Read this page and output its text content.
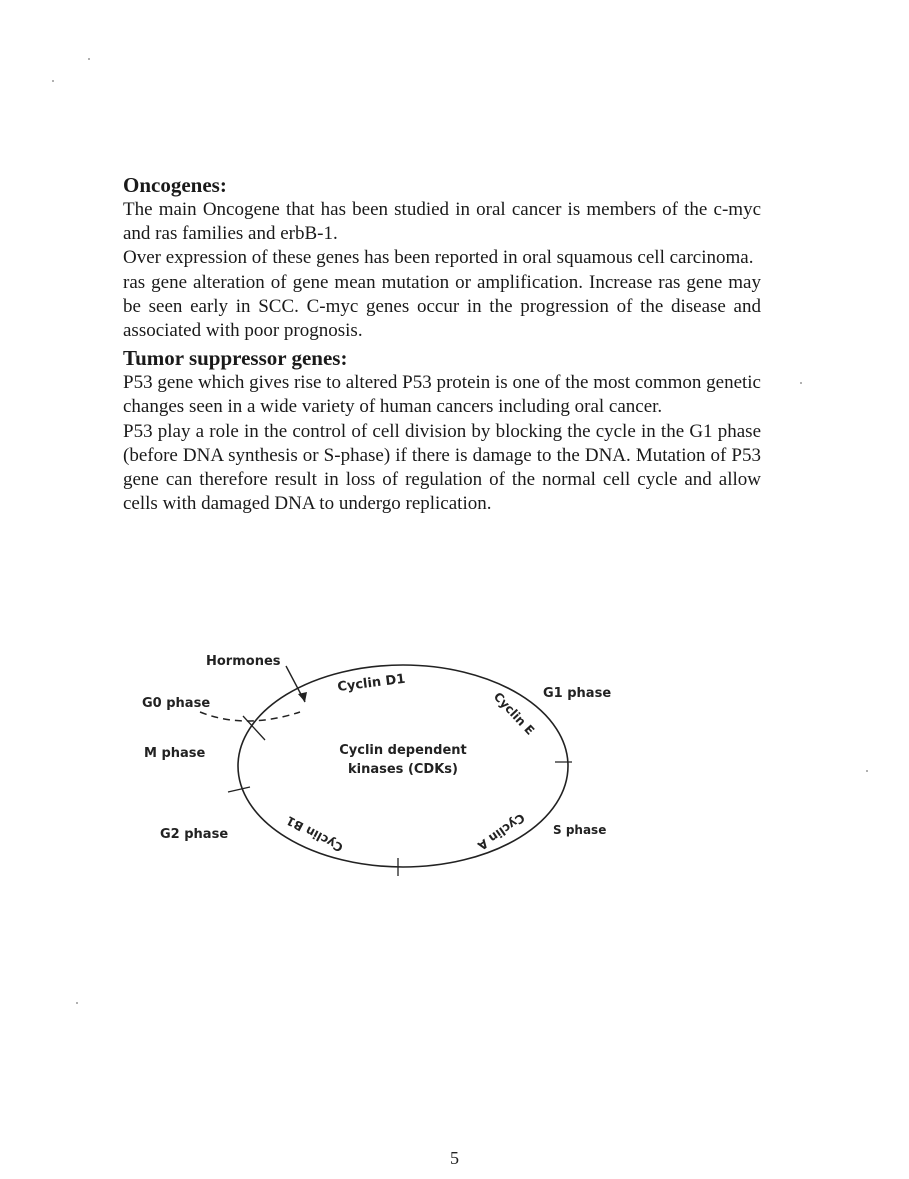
Oncogenes:

The main Oncogene that has been studied in oral cancer is members of the c-myc and ras families and erbB-1.

Over expression of these genes has been reported in oral squamous cell carcinoma.

ras gene alteration of gene mean mutation or amplification. Increase ras gene may be seen early in SCC. C-myc genes occur in the progression of the disease and associated with poor prognosis.

Tumor suppressor genes:

P53 gene which gives rise to altered P53 protein is one of the most common genetic changes seen in a wide variety of human cancers including oral cancer.

P53 play a role in the control of cell division by blocking the cycle in the G1 phase (before DNA synthesis or S-phase) if there is damage to the DNA. Mutation of P53 gene can therefore result in loss of regulation of the normal cell cycle and allow cells with damaged DNA to undergo replication.

Hormones
G0 phase
G1 phase
M phase
S phase
G2 phase
Cyclin D1
Cyclin E
Cyclin A
Cyclin B1
Cyclin dependent
kinases (CDKs)
5
